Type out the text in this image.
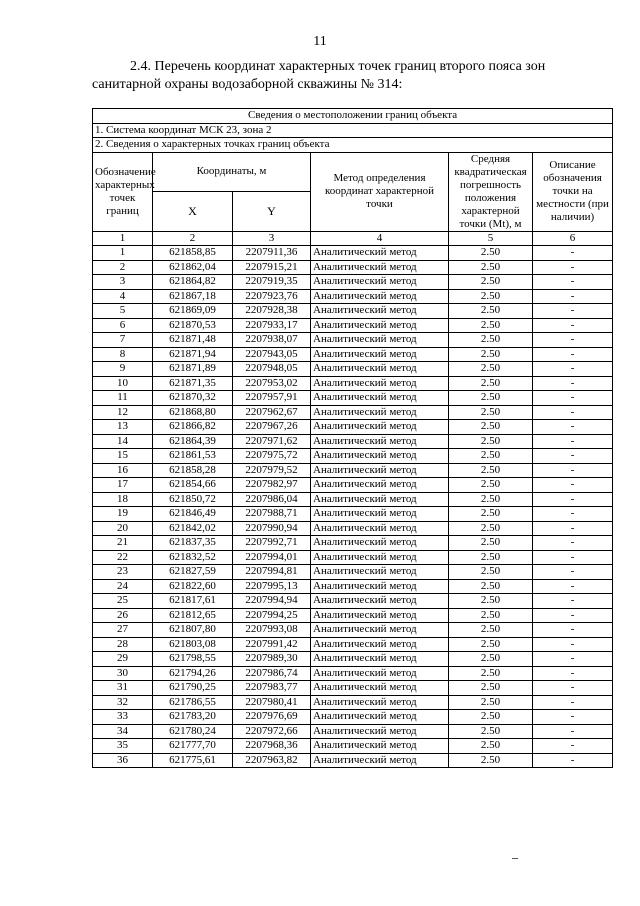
11
2.4. Перечень координат характерных точек границ второго пояса зон санитарной охраны водозаборной скважины № 314:
Сведения о местоположении границ объекта					
1. Система координат МСК 23, зона 2					
2. Сведения о характерных точках границ объекта					
Обозначение характерных точек границ	Координаты, м		Метод определения координат характерной точки	Средняя квадратическая погрешность положения характерной точки (Mt), м	Описание обозначения точки на местности (при наличии)
	X	Y			
1	2	3	4	5	6
1	621858,85	2207911,36	Аналитический метод	2.50	-
2	621862,04	2207915,21	Аналитический метод	2.50	-
3	621864,82	2207919,35	Аналитический метод	2.50	-
4	621867,18	2207923,76	Аналитический метод	2.50	-
5	621869,09	2207928,38	Аналитический метод	2.50	-
6	621870,53	2207933,17	Аналитический метод	2.50	-
7	621871,48	2207938,07	Аналитический метод	2.50	-
8	621871,94	2207943,05	Аналитический метод	2.50	-
9	621871,89	2207948,05	Аналитический метод	2.50	-
10	621871,35	2207953,02	Аналитический метод	2.50	-
11	621870,32	2207957,91	Аналитический метод	2.50	-
12	621868,80	2207962,67	Аналитический метод	2.50	-
13	621866,82	2207967,26	Аналитический метод	2.50	-
14	621864,39	2207971,62	Аналитический метод	2.50	-
15	621861,53	2207975,72	Аналитический метод	2.50	-
16	621858,28	2207979,52	Аналитический метод	2.50	-
17	621854,66	2207982,97	Аналитический метод	2.50	-
18	621850,72	2207986,04	Аналитический метод	2.50	-
19	621846,49	2207988,71	Аналитический метод	2.50	-
20	621842,02	2207990,94	Аналитический метод	2.50	-
21	621837,35	2207992,71	Аналитический метод	2.50	-
22	621832,52	2207994,01	Аналитический метод	2.50	-
23	621827,59	2207994,81	Аналитический метод	2.50	-
24	621822,60	2207995,13	Аналитический метод	2.50	-
25	621817,61	2207994,94	Аналитический метод	2.50	-
26	621812,65	2207994,25	Аналитический метод	2.50	-
27	621807,80	2207993,08	Аналитический метод	2.50	-
28	621803,08	2207991,42	Аналитический метод	2.50	-
29	621798,55	2207989,30	Аналитический метод	2.50	-
30	621794,26	2207986,74	Аналитический метод	2.50	-
31	621790,25	2207983,77	Аналитический метод	2.50	-
32	621786,55	2207980,41	Аналитический метод	2.50	-
33	621783,20	2207976,69	Аналитический метод	2.50	-
34	621780,24	2207972,66	Аналитический метод	2.50	-
35	621777,70	2207968,36	Аналитический метод	2.50	-
36	621775,61	2207963,82	Аналитический метод	2.50	-
